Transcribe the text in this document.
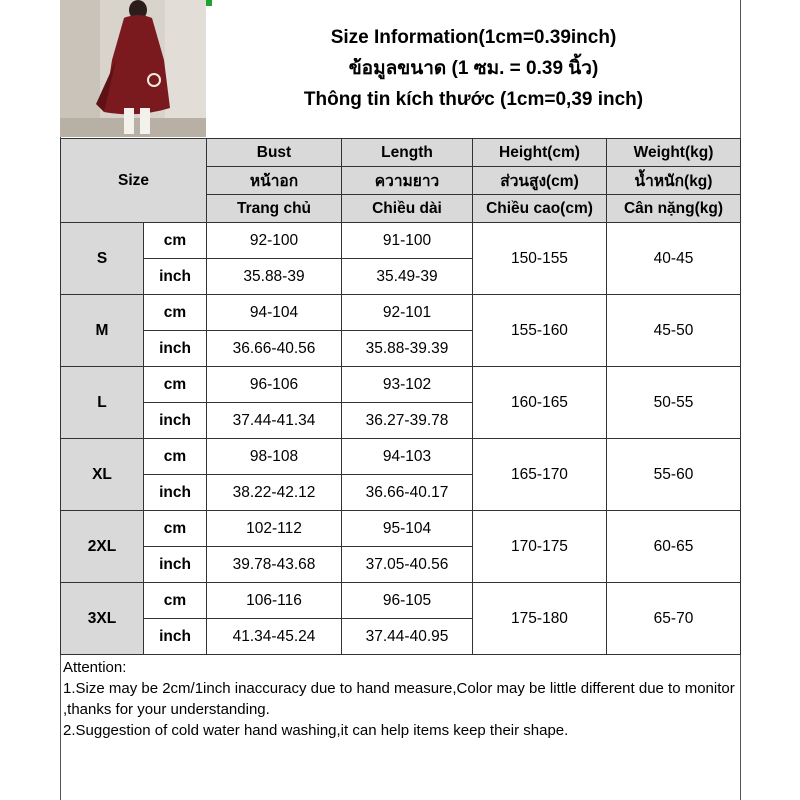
Size Information(1cm=0.39inch)
ข้อมูลขนาด (1 ซม. = 0.39 นิ้ว)
Thông tin kích thước (1cm=0,39 inch)
Size		Bust	Length	Height(cm)	Weight(kg)
		หน้าอก	ความยาว	ส่วนสูง(cm)	น้ำหนัก(kg)
		Trang chủ	Chiều dài	Chiều cao(cm)	Cân nặng(kg)
S	cm	92-100	91-100	150-155	40-45
	inch	35.88-39	35.49-39		
M	cm	94-104	92-101	155-160	45-50
	inch	36.66-40.56	35.88-39.39		
L	cm	96-106	93-102	160-165	50-55
	inch	37.44-41.34	36.27-39.78		
XL	cm	98-108	94-103	165-170	55-60
	inch	38.22-42.12	36.66-40.17		
2XL	cm	102-112	95-104	170-175	60-65
	inch	39.78-43.68	37.05-40.56		
3XL	cm	106-116	96-105	175-180	65-70
	inch	41.34-45.24	37.44-40.95		

Attention:

1.Size may be 2cm/1inch inaccuracy due to hand measure,Color may be little different due to monitor ,thanks for your understanding.

2.Suggestion of cold water hand washing,it can help items keep their shape.
